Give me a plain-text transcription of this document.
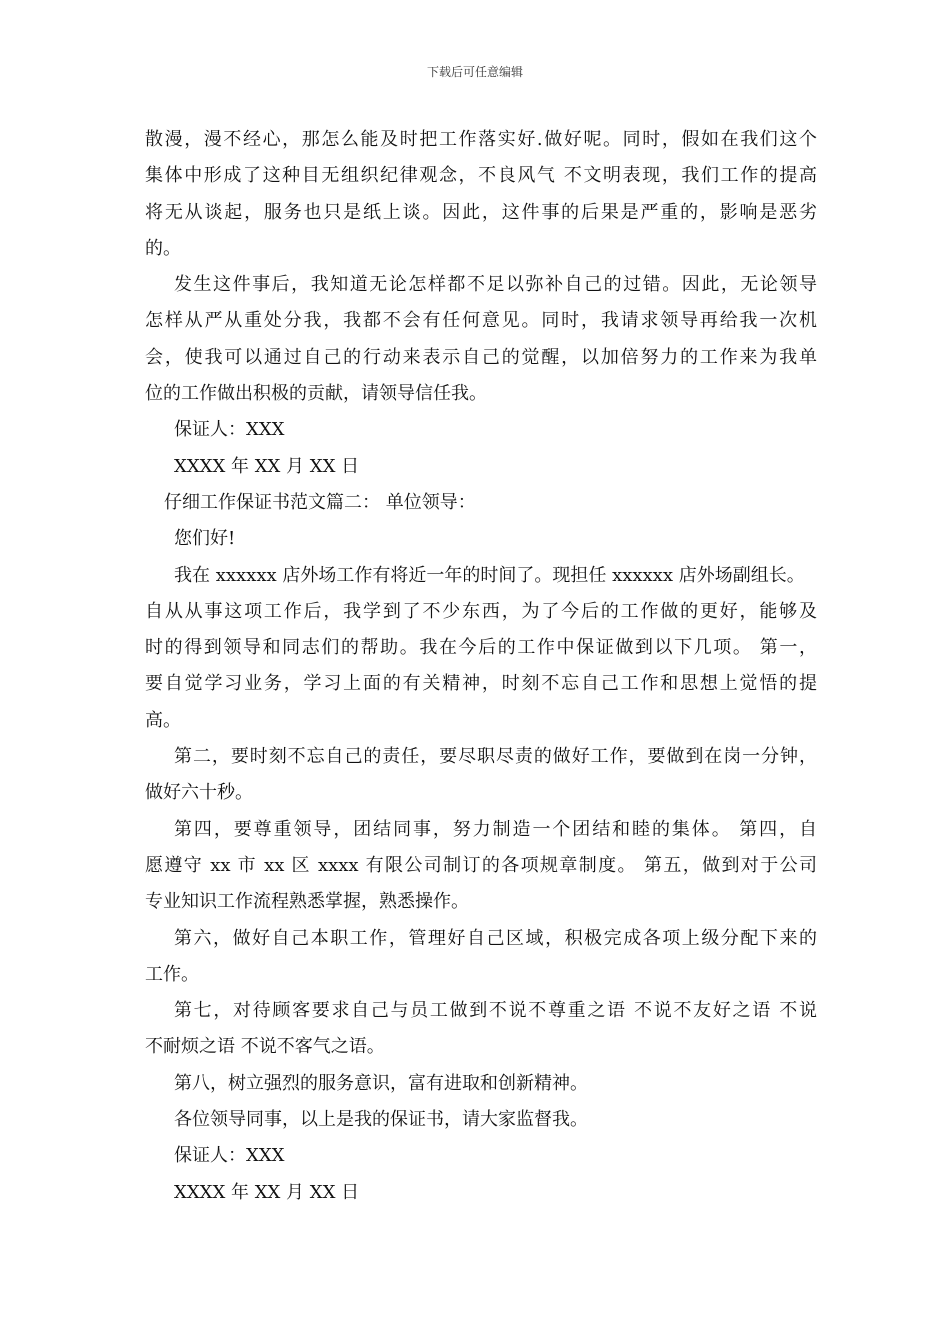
下载后可任意编辑
散漫，漫不经心，那怎么能及时把工作落实好.做好呢。同时，假如在我们这个
集体中形成了这种目无组织纪律观念，不良风气 不文明表现，我们工作的提高
将无从谈起，服务也只是纸上谈。因此，这件事的后果是严重的，影响是恶劣
的。
发生这件事后，我知道无论怎样都不足以弥补自己的过错。因此，无论领导
怎样从严从重处分我，我都不会有任何意见。同时，我请求领导再给我一次机
会，使我可以通过自己的行动来表示自己的觉醒，以加倍努力的工作来为我单
位的工作做出积极的贡献，请领导信任我。
保证人：XXX
XXXX 年 XX 月 XX 日
仔细工作保证书范文篇二： 单位领导：
您们好!
我在 xxxxxx 店外场工作有将近一年的时间了。现担任 xxxxxx 店外场副组长。
自从从事这项工作后，我学到了不少东西，为了今后的工作做的更好，能够及
时的得到领导和同志们的帮助。我在今后的工作中保证做到以下几项。 第一，
要自觉学习业务，学习上面的有关精神，时刻不忘自己工作和思想上觉悟的提
高。
第二，要时刻不忘自己的责任，要尽职尽责的做好工作，要做到在岗一分钟，
做好六十秒。
第四，要尊重领导，团结同事，努力制造一个团结和睦的集体。 第四，自
愿遵守 xx 市 xx 区 xxxx 有限公司制订的各项规章制度。 第五，做到对于公司
专业知识工作流程熟悉掌握，熟悉操作。
第六，做好自己本职工作，管理好自己区域，积极完成各项上级分配下来的
工作。
第七，对待顾客要求自己与员工做到不说不尊重之语 不说不友好之语 不说
不耐烦之语 不说不客气之语。
第八，树立强烈的服务意识，富有进取和创新精神。
各位领导同事，以上是我的保证书，请大家监督我。
保证人：XXX
XXXX 年 XX 月 XX 日
